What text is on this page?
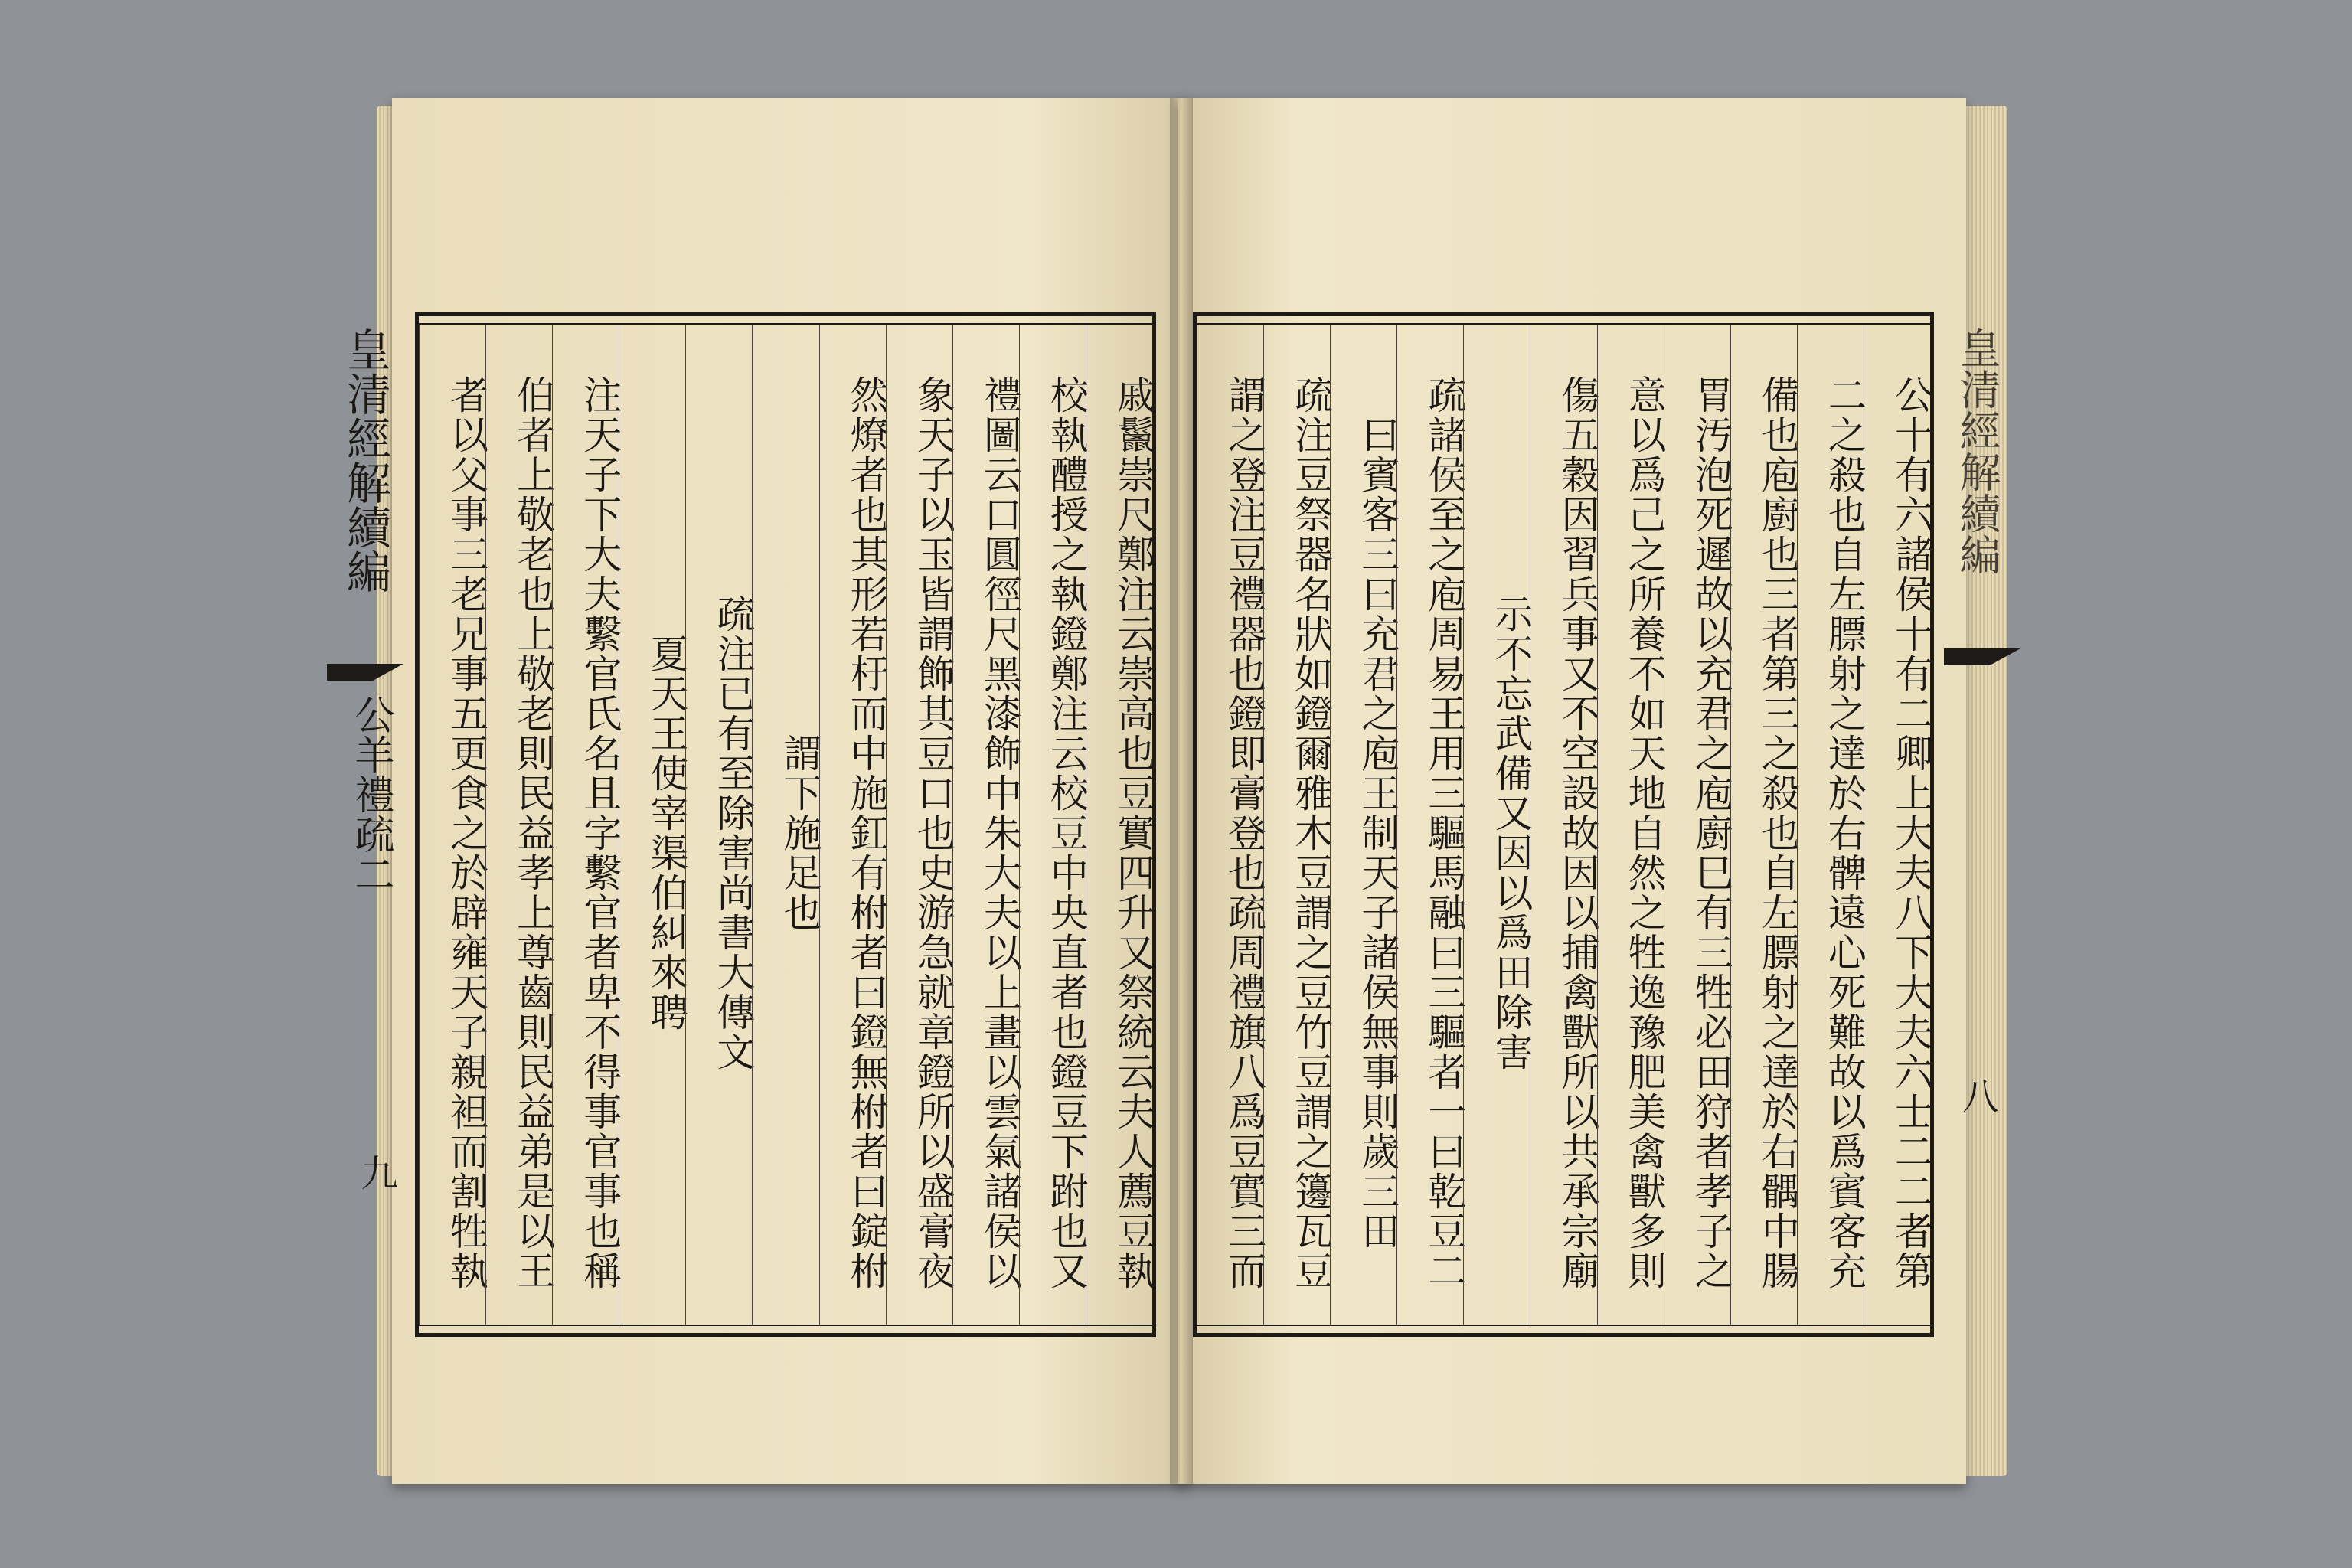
戚鬣崇尺鄭注云崇高也豆實四升又祭統云夫人薦豆執
校執醴授之執鐙鄭注云校豆中央直者也鐙豆下跗也又
禮圖云口圓徑尺黑漆飾中朱大夫以上畫以雲氣諸侯以
象天子以玉皆謂飾其豆口也史游急就章鐙所以盛膏夜
然燎者也其形若杅而中施釭有柎者曰鐙無柎者曰錠柎
謂下施足也
疏注已有至除害尚書大傳文
夏天王使宰渠伯糾來聘
注天子下大夫繫官氏名且字繫官者卑不得事官事也稱
伯者上敬老也上敬老則民益孝上尊齒則民益弟是以王
者以父事三老兄事五更食之於辟雍天子親袒而割牲執
皇清經解續編
公羊禮疏二
九	公十有六諸侯十有二卿上大夫八下大夫六士二二者第
二之殺也自左膘射之達於右髀遠心死難故以爲賓客充
備也庖廚也三者第三之殺也自左膘射之達於右髃中腸
胃汚泡死遲故以充君之庖廚巳有三牲必田狩者孝子之
意以爲己之所養不如天地自然之牲逸豫肥美禽獸多則
傷五穀因習兵事又不空設故因以捕禽獸所以共承宗廟
示不忘武備又因以爲田除害
疏諸侯至之庖周易王用三驅馬融曰三驅者一曰乾豆二
曰賓客三曰充君之庖王制天子諸侯無事則歲三田
疏注豆祭器名狀如鐙爾雅木豆謂之豆竹豆謂之籩瓦豆
謂之登注豆禮器也鐙即膏登也疏周禮旗八爲豆實三而	皇清經解續編
八
